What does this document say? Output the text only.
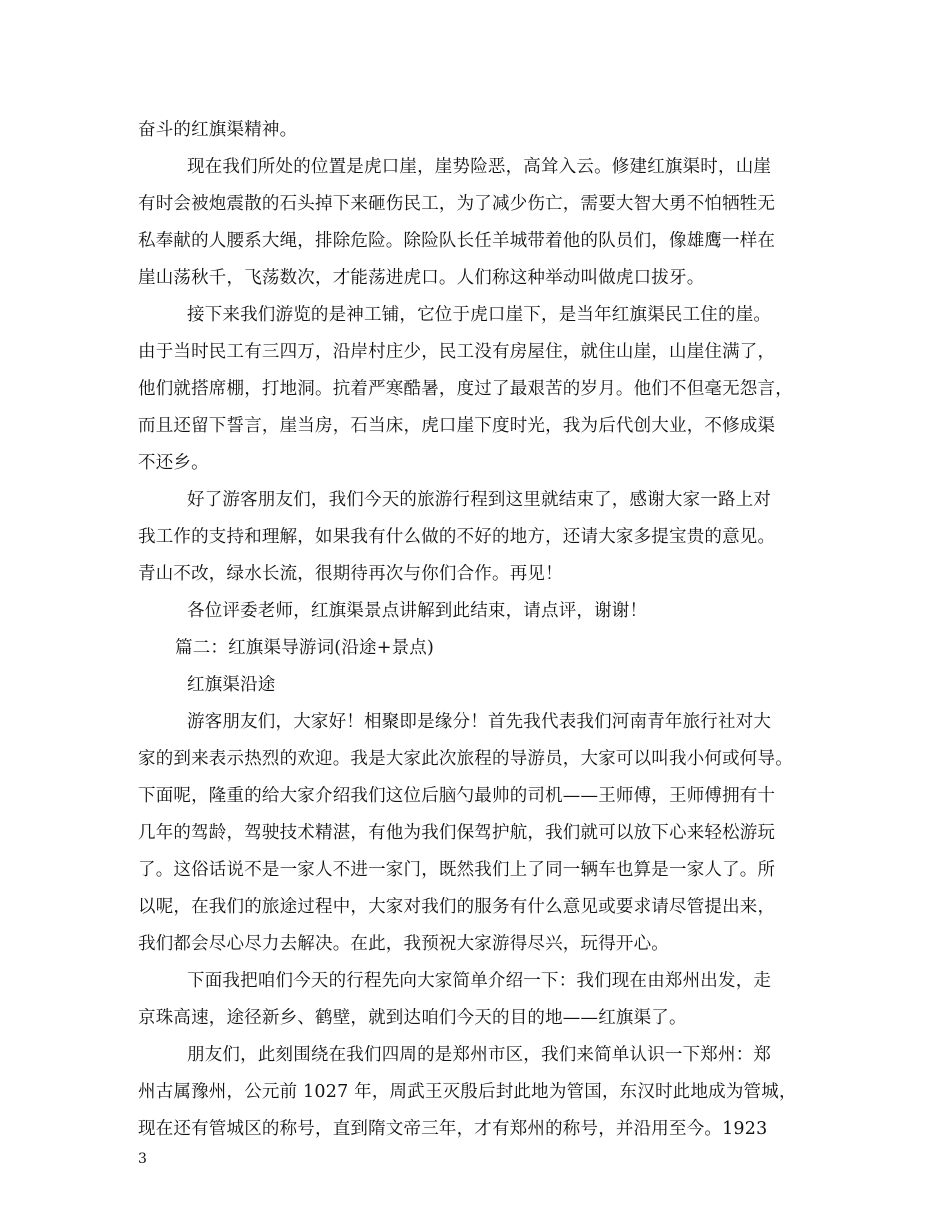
奋斗的红旗渠精神。
现在我们所处的位置是虎口崖，崖势险恶，高耸入云。修建红旗渠时，山崖
有时会被炮震散的石头掉下来砸伤民工，为了减少伤亡，需要大智大勇不怕牺牲无
私奉献的人腰系大绳，排除危险。除险队长任羊城带着他的队员们，像雄鹰一样在
崖山荡秋千，飞荡数次，才能荡进虎口。人们称这种举动叫做虎口拔牙。
接下来我们游览的是神工铺，它位于虎口崖下，是当年红旗渠民工住的崖。
由于当时民工有三四万，沿岸村庄少，民工没有房屋住，就住山崖，山崖住满了，
他们就搭席棚，打地洞。抗着严寒酷暑，度过了最艰苦的岁月。他们不但毫无怨言，
而且还留下誓言，崖当房，石当床，虎口崖下度时光，我为后代创大业，不修成渠
不还乡。
好了游客朋友们，我们今天的旅游行程到这里就结束了，感谢大家一路上对
我工作的支持和理解，如果我有什么做的不好的地方，还请大家多提宝贵的意见。
青山不改，绿水长流，很期待再次与你们合作。再见！
各位评委老师，红旗渠景点讲解到此结束，请点评，谢谢！
篇二：红旗渠导游词(沿途+景点)
红旗渠沿途
游客朋友们，大家好！相聚即是缘分！首先我代表我们河南青年旅行社对大
家的到来表示热烈的欢迎。我是大家此次旅程的导游员，大家可以叫我小何或何导。
下面呢，隆重的给大家介绍我们这位后脑勺最帅的司机——王师傅，王师傅拥有十
几年的驾龄，驾驶技术精湛，有他为我们保驾护航，我们就可以放下心来轻松游玩
了。这俗话说不是一家人不进一家门，既然我们上了同一辆车也算是一家人了。所
以呢，在我们的旅途过程中，大家对我们的服务有什么意见或要求请尽管提出来，
我们都会尽心尽力去解决。在此，我预祝大家游得尽兴，玩得开心。
下面我把咱们今天的行程先向大家简单介绍一下：我们现在由郑州出发，走
京珠高速，途径新乡、鹤壁，就到达咱们今天的目的地——红旗渠了。
朋友们，此刻围绕在我们四周的是郑州市区，我们来简单认识一下郑州：郑
州古属豫州，公元前 1027 年，周武王灭殷后封此地为管国，东汉时此地成为管城，
现在还有管城区的称号，直到隋文帝三年，才有郑州的称号，并沿用至今。1923
3
